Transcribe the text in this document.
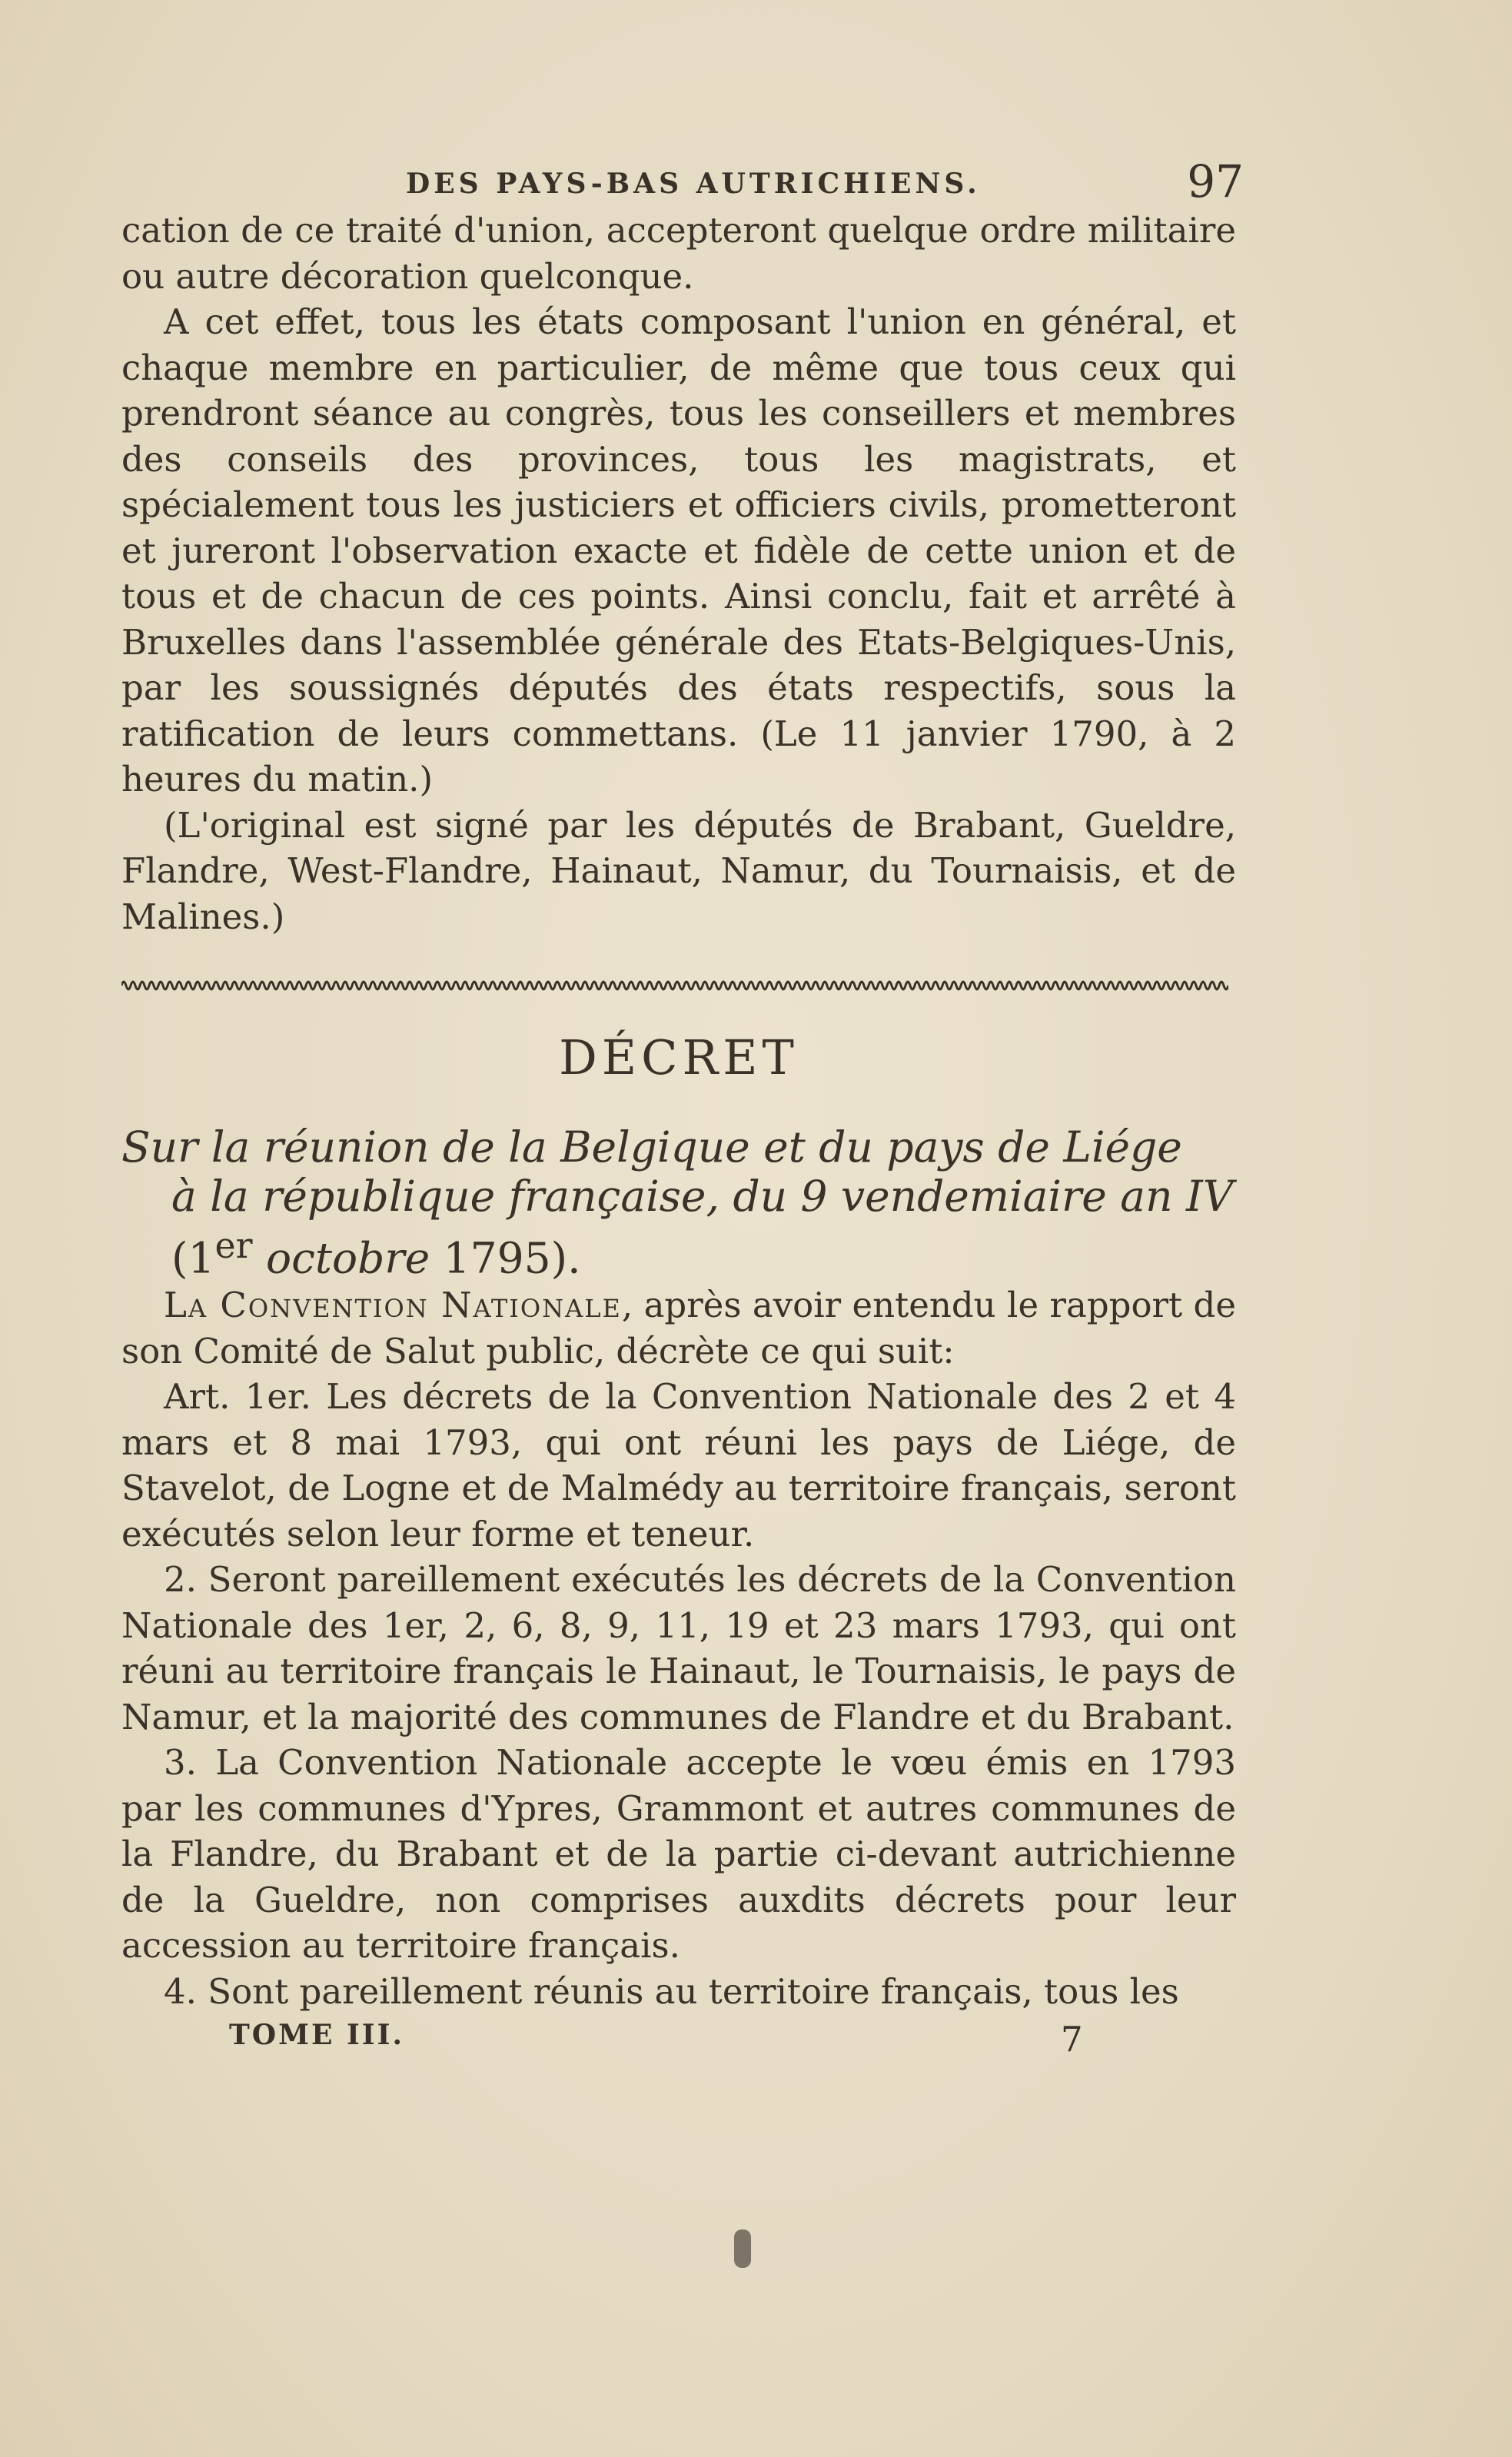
DES PAYS-BAS AUTRICHIENS.	97

cation de ce traité d'union, accepteront quelque ordre militaire ou autre décoration quelconque.

A cet effet, tous les états composant l'union en général, et chaque membre en particulier, de même que tous ceux qui prendront séance au congrès, tous les conseillers et membres des conseils des provinces, tous les magistrats, et spécialement tous les justiciers et officiers civils, prometteront et jureront l'observation exacte et fidèle de cette union et de tous et de chacun de ces points. Ainsi conclu, fait et arrêté à Bruxelles dans l'assemblée générale des Etats-Belgiques-Unis, par les soussignés députés des états respectifs, sous la ratification de leurs commettans. (Le 11 janvier 1790, à 2 heures du matin.)

(L'original est signé par les députés de Brabant, Gueldre, Flandre, West-Flandre, Hainaut, Namur, du Tournaisis, et de Malines.)

DÉCRET
Sur la réunion de la Belgique et du pays de Liége
à la république française, du 9 vendemiaire an IV
(1er octobre 1795).

La Convention Nationale, après avoir entendu le rapport de son Comité de Salut public, décrète ce qui suit:

Art. 1er. Les décrets de la Convention Nationale des 2 et 4 mars et 8 mai 1793, qui ont réuni les pays de Liége, de Stavelot, de Logne et de Malmédy au territoire français, seront exécutés selon leur forme et teneur.

2. Seront pareillement exécutés les décrets de la Convention Nationale des 1er, 2, 6, 8, 9, 11, 19 et 23 mars 1793, qui ont réuni au territoire français le Hainaut, le Tournaisis, le pays de Namur, et la majorité des communes de Flandre et du Brabant.

3. La Convention Nationale accepte le vœu émis en 1793 par les communes d'Ypres, Grammont et autres communes de la Flandre, du Brabant et de la partie ci-devant autrichienne de la Gueldre, non comprises auxdits décrets pour leur accession au territoire français.

4. Sont pareillement réunis au territoire français, tous les

TOME III.	7
